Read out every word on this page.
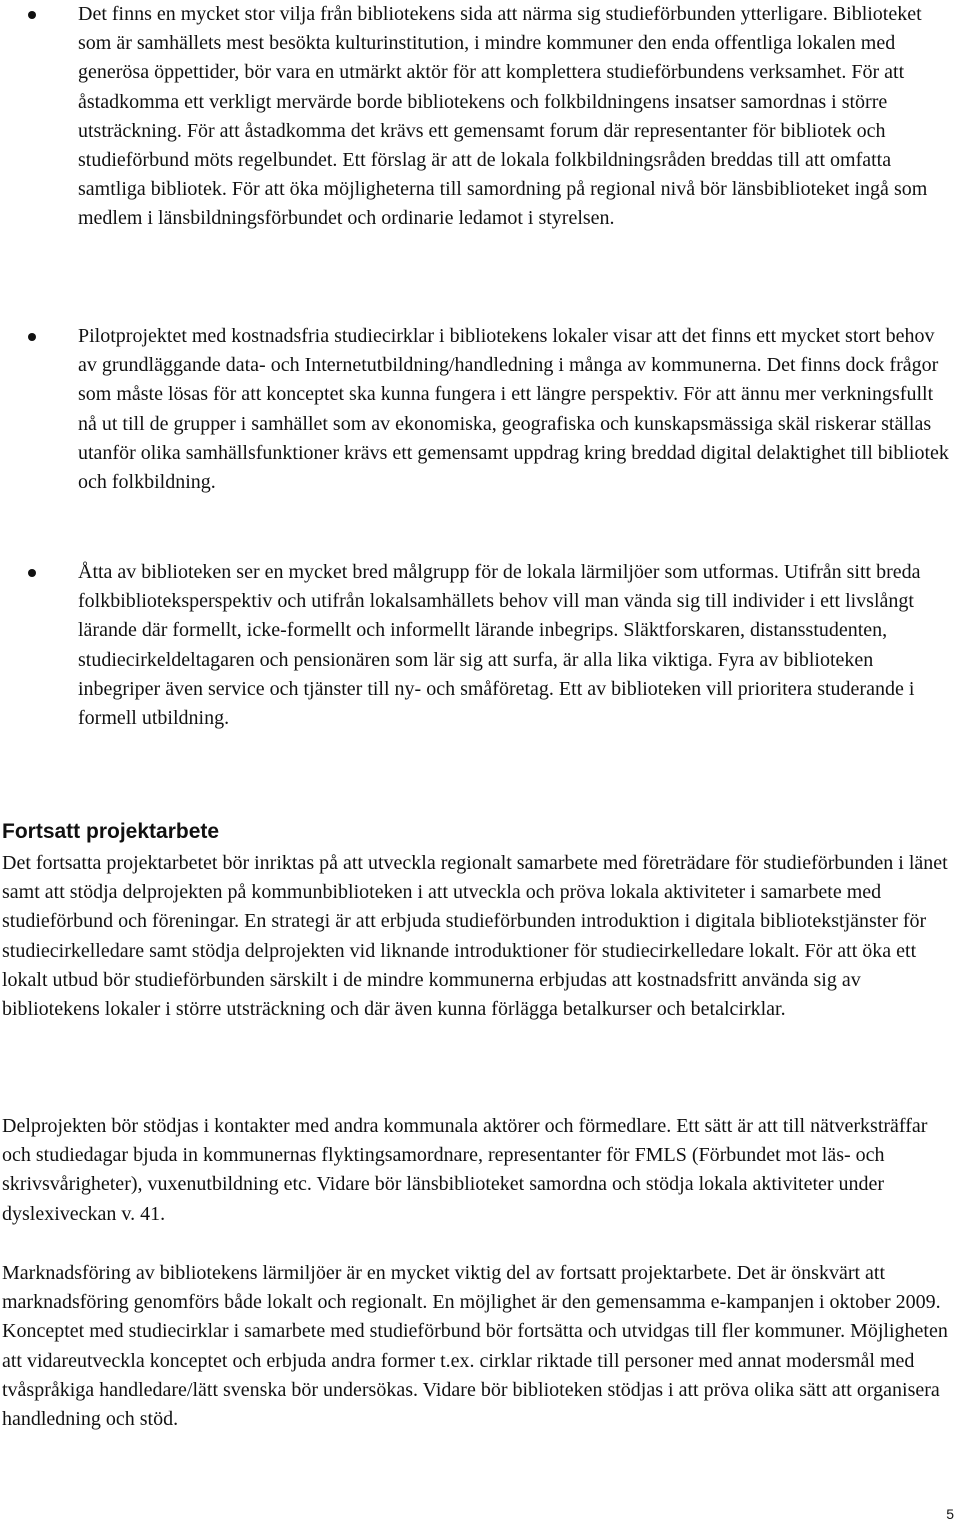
Det finns en mycket stor vilja från bibliotekens sida att närma sig studieförbunden ytterligare. Biblioteket som är samhällets mest besökta kulturinstitution, i mindre kommuner den enda offentliga lokalen med generösa öppettider, bör vara en utmärkt aktör för att komplettera studieförbundens verksamhet. För att åstadkomma ett verkligt mervärde borde bibliotekens och folkbildningens insatser samordnas i större utsträckning. För att åstadkomma det krävs ett gemensamt forum där representanter för bibliotek och studieförbund möts regelbundet. Ett förslag är att de lokala folkbildningsråden breddas till att omfatta samtliga bibliotek. För att öka möjligheterna till samordning på regional nivå bör länsbiblioteket ingå som medlem i länsbildningsförbundet och ordinarie ledamot i styrelsen.
Pilotprojektet med kostnadsfria studiecirklar i bibliotekens lokaler visar att det finns ett mycket stort behov av grundläggande data- och Internetutbildning/handledning i många av kommunerna. Det finns dock frågor som måste lösas för att konceptet ska kunna fungera i ett längre perspektiv. För att ännu mer verkningsfullt nå ut till de grupper i samhället som av ekonomiska, geografiska och kunskapsmässiga skäl riskerar ställas utanför olika samhällsfunktioner krävs ett gemensamt uppdrag kring breddad digital delaktighet till bibliotek och folkbildning.
Åtta av biblioteken ser en mycket bred målgrupp för de lokala lärmiljöer som utformas. Utifrån sitt breda folkbiblioteksperspektiv och utifrån lokalsamhällets behov vill man vända sig till individer i ett livslångt lärande där formellt, icke-formellt och informellt lärande inbegrips. Släktforskaren, distansstudenten, studiecirkeldeltagaren och pensionären som lär sig att surfa, är alla lika viktiga. Fyra av biblioteken inbegriper även service och tjänster till ny- och småföretag. Ett av biblioteken vill prioritera studerande i formell utbildning.
Fortsatt projektarbete

Det fortsatta projektarbetet bör inriktas på att utveckla regionalt samarbete med företrädare för studieförbunden i länet samt att stödja delprojekten på kommunbiblioteken i att utveckla och pröva lokala aktiviteter i samarbete med studieförbund och föreningar. En strategi är att erbjuda studieförbunden introduktion i digitala bibliotekstjänster för studiecirkelledare samt stödja delprojekten vid liknande introduktioner för studiecirkelledare lokalt. För att öka ett lokalt utbud bör studieförbunden särskilt i de mindre kommunerna erbjudas att kostnadsfritt använda sig av bibliotekens lokaler i större utsträckning och där även kunna förlägga betalkurser och betalcirklar.

Delprojekten bör stödjas i kontakter med andra kommunala aktörer och förmedlare. Ett sätt är att till nätverksträffar och studiedagar bjuda in kommunernas flyktingsamordnare, representanter för FMLS (Förbundet mot läs- och skrivsvårigheter), vuxenutbildning etc. Vidare bör länsbiblioteket samordna och stödja lokala aktiviteter under dyslexiveckan v. 41.

Marknadsföring av bibliotekens lärmiljöer är en mycket viktig del av fortsatt projektarbete. Det är önskvärt att marknadsföring genomförs både lokalt och regionalt. En möjlighet är den gemensamma e-kampanjen i oktober 2009. Konceptet med studiecirklar i samarbete med studieförbund bör fortsätta och utvidgas till fler kommuner. Möjligheten att vidareutveckla konceptet och erbjuda andra former t.ex. cirklar riktade till personer med annat modersmål med tvåspråkiga handledare/lätt svenska bör undersökas. Vidare bör biblioteken stödjas i att pröva olika sätt att organisera handledning och stöd.

5
